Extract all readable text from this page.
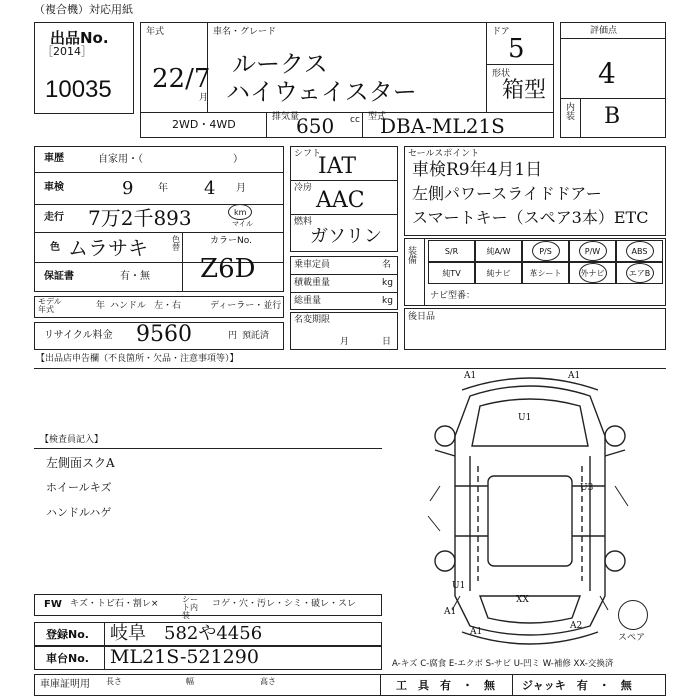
（複合機）対応用紙
出品No.
［2014］
10035
年式
22/7
月
車名・グレード
ルークス
ハイウェイスター
ドア
5
形状
箱型
2WD・4WD
排気量
650 cc 型式
DBA-ML21S
評価点
4
内装 B
車歴	自家用・（　　　　　　　　　）
車検	9 年 4 月
走行 7万2千893	km
マイル
色 ムラサキ	色替
カラーNo.
Z6D
保証書	有・無
モデル年式	年 ハンドル 左・右	ディーラー・並行
リサイクル料金 9560	円 預託済
シフト
IAT
冷房 AAC
燃料
ガソリン
セールスポイント
車検R9年4月1日
左側パワースライドドアー
スマートキー（スペア3本）ETC
装備
ナビ型番：
乗車定員	名
積載重量	kg
総重量	kg
名変期限
月	日
後日品
【出品店申告欄（不良箇所・欠品・注意事項等）】
【検査員記入】
左側面スクA
ホイールキズ
ハンドルハゲ
A1	A1
U1
U3
U1
XX
A1
A2
A1
スペア
FW キズ・トビ石・割レ×	シート内装
コゲ・穴・汚レ・シミ・破レ・スレ
登録No. 岐阜　582や4456
車台No. ML21S-521290	A-キズ C-腐食 E-エクボ S-サビ U-凹ミ W-補修 XX-交換済
車庫証明用 長さ	幅	高さ	工　具　有　・　無 ジャッキ　有　・　無
S/R	純A/W	P/S	P/W	ABS
純TV	純ナビ	革シート	外ナビ	エアB
